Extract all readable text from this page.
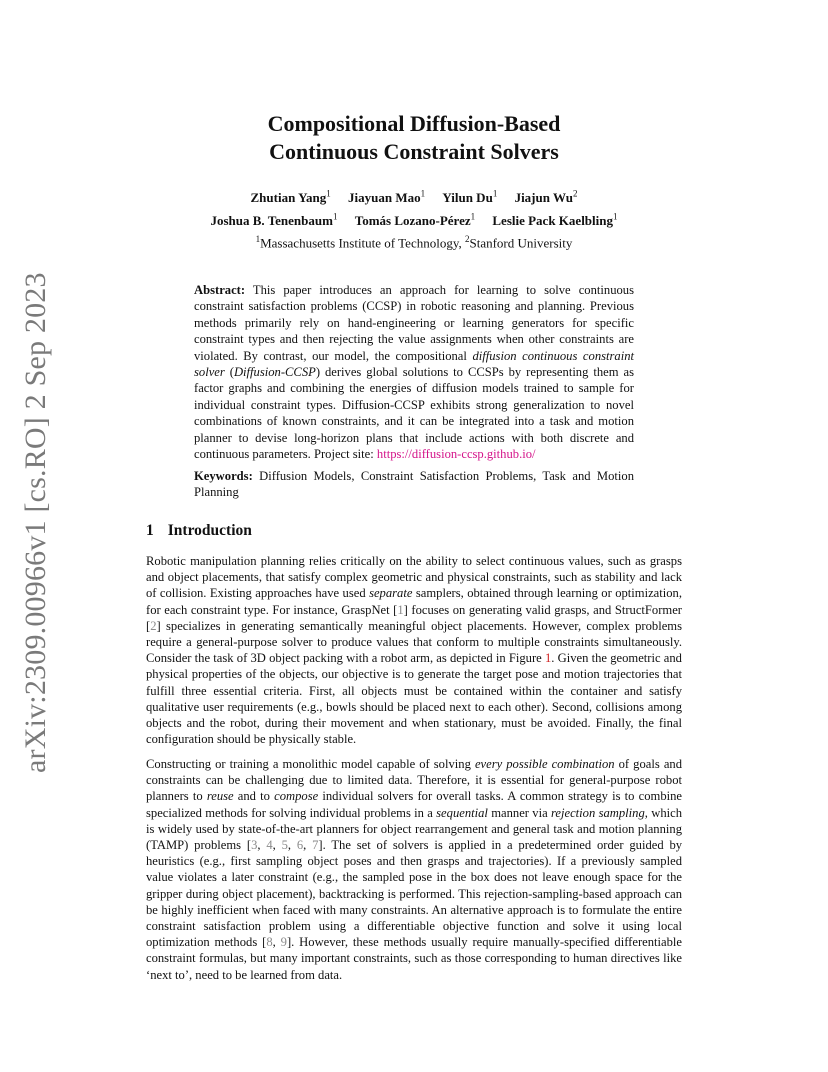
arXiv:2309.00966v1 [cs.RO] 2 Sep 2023
Compositional Diffusion-Based
Continuous Constraint Solvers
Zhutian Yang$^1$ Jiayuan Mao$^1$ Yilun Du$^1$ Jiajun Wu$^2$
Joshua B. Tenenbaum$^1$ Tomás Lozano-Pérez$^1$ Leslie Pack Kaelbling$^1$
$^1$Massachusetts Institute of Technology, $^2$Stanford University

Abstract: This paper introduces an approach for learning to solve continuous constraint satisfaction problems (CCSP) in robotic reasoning and planning. Previous methods primarily rely on hand-engineering or learning generators for specific constraint types and then rejecting the value assignments when other constraints are violated. By contrast, our model, the compositional diffusion continuous constraint solver (Diffusion-CCSP) derives global solutions to CCSPs by representing them as factor graphs and combining the energies of diffusion models trained to sample for individual constraint types. Diffusion-CCSP exhibits strong generalization to novel combinations of known constraints, and it can be integrated into a task and motion planner to devise long-horizon plans that include actions with both discrete and continuous parameters. Project site: https://diffusion-ccsp.github.io/

Keywords: Diffusion Models, Constraint Satisfaction Problems, Task and Motion Planning

1 Introduction

Robotic manipulation planning relies critically on the ability to select continuous values, such as grasps and object placements, that satisfy complex geometric and physical constraints, such as stability and lack of collision. Existing approaches have used separate samplers, obtained through learning or optimization, for each constraint type. For instance, GraspNet [1] focuses on generating valid grasps, and StructFormer [2] specializes in generating semantically meaningful object placements. However, complex problems require a general-purpose solver to produce values that conform to multiple constraints simultaneously. Consider the task of 3D object packing with a robot arm, as depicted in Figure 1. Given the geometric and physical properties of the objects, our objective is to generate the target pose and motion trajectories that fulfill three essential criteria. First, all objects must be contained within the container and satisfy qualitative user requirements (e.g., bowls should be placed next to each other). Second, collisions among objects and the robot, during their movement and when stationary, must be avoided. Finally, the final configuration should be physically stable.

Constructing or training a monolithic model capable of solving every possible combination of goals and constraints can be challenging due to limited data. Therefore, it is essential for general-purpose robot planners to reuse and to compose individual solvers for overall tasks. A common strategy is to combine specialized methods for solving individual problems in a sequential manner via rejection sampling, which is widely used by state-of-the-art planners for object rearrangement and general task and motion planning (TAMP) problems [3, 4, 5, 6, 7]. The set of solvers is applied in a predetermined order guided by heuristics (e.g., first sampling object poses and then grasps and trajectories). If a previously sampled value violates a later constraint (e.g., the sampled pose in the box does not leave enough space for the gripper during object placement), backtracking is performed. This rejection-sampling-based approach can be highly inefficient when faced with many constraints. An alternative approach is to formulate the entire constraint satisfaction problem using a differentiable objective function and solve it using local optimization methods [8, 9]. However, these methods usually require manually-specified differentiable constraint formulas, but many important constraints, such as those corresponding to human directives like ‘next to’, need to be learned from data.
